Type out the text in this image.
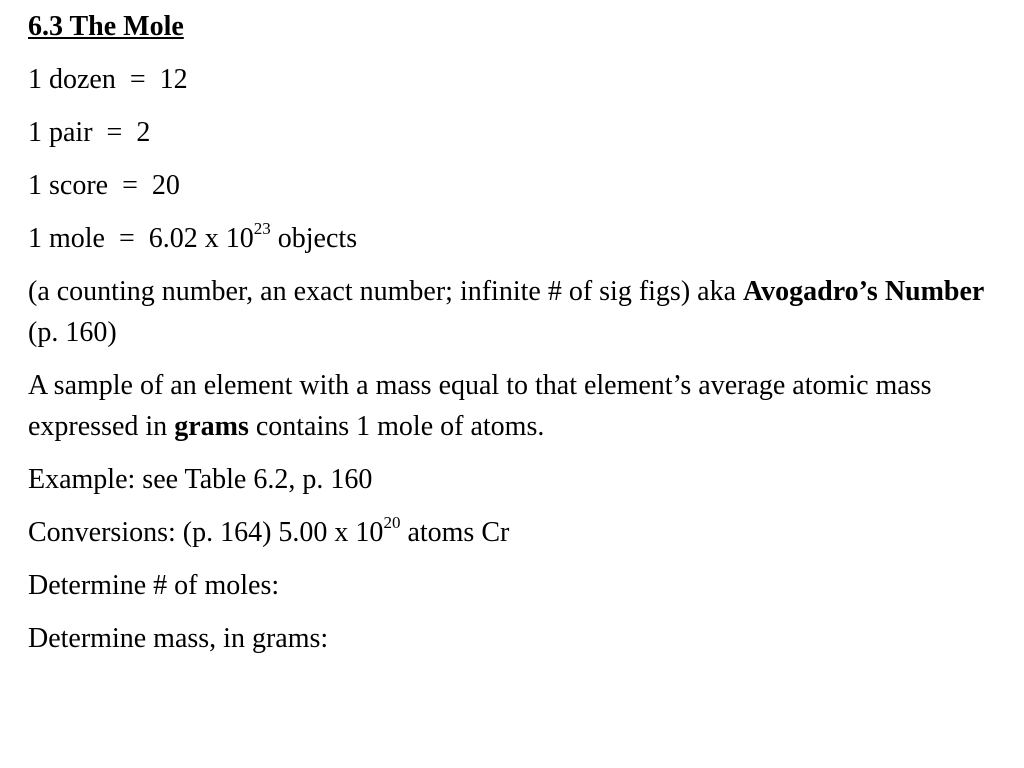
6.3 The Mole
1 dozen  =  12
1 pair  =  2
1 score  =  20
1 mole  =  6.02 x $10^{23}$ objects
(a counting number, an exact number; infinite # of sig figs) aka Avogadro’s Number (p. 160)
A sample of an element with a mass equal to that element’s average atomic mass expressed in grams contains 1 mole of atoms.
Example: see Table 6.2, p. 160
Conversions: (p. 164) 5.00 x $10^{20}$ atoms Cr
Determine # of moles:
Determine mass, in grams:
